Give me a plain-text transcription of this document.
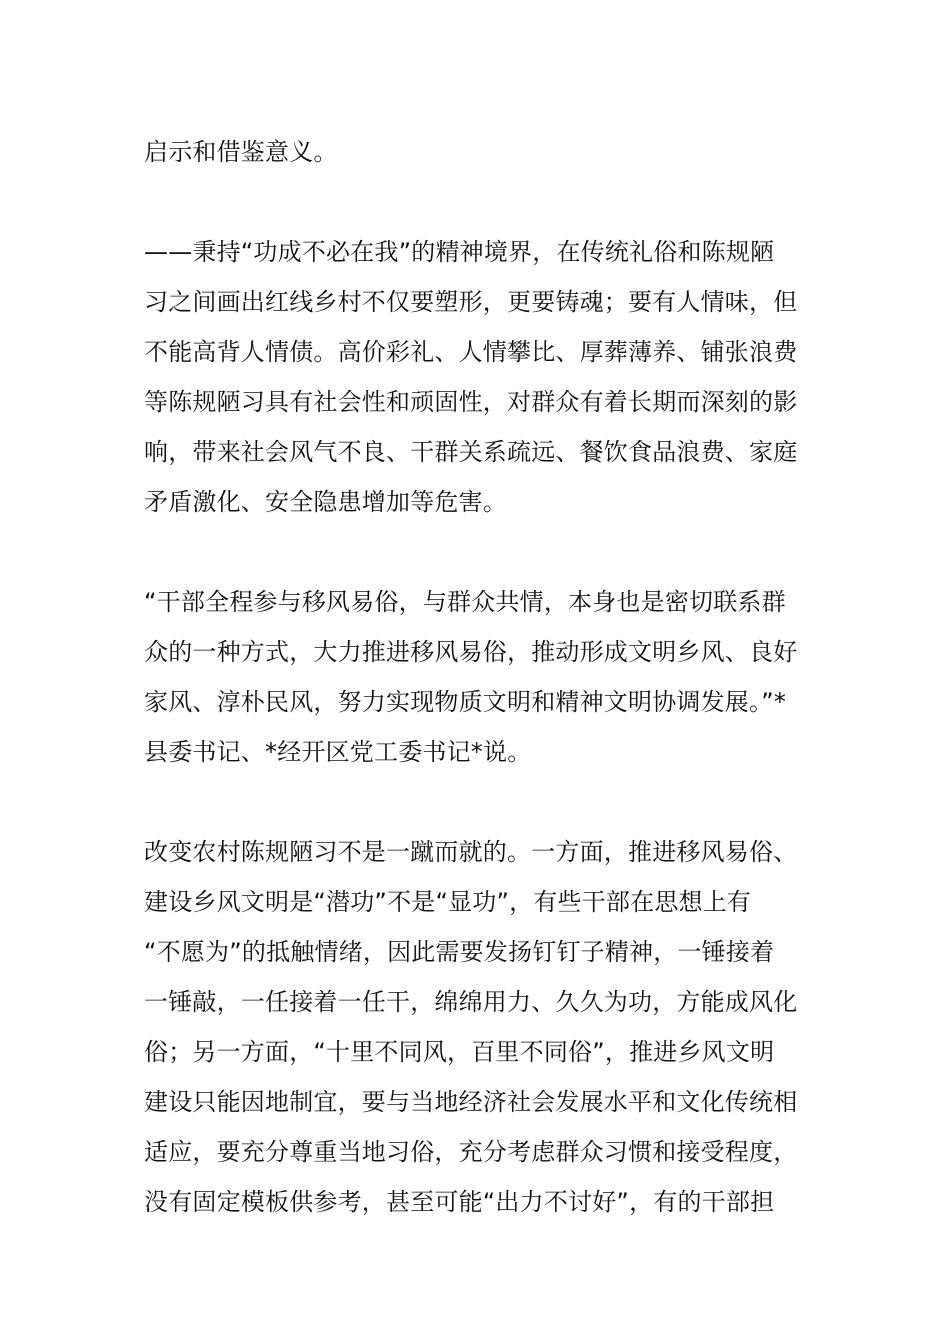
启示和借鉴意义。
——秉持“功成不必在我”的精神境界，在传统礼俗和陈规陋
习之间画出红线乡村不仅要塑形，更要铸魂；要有人情味，但
不能高背人情债。高价彩礼、人情攀比、厚葬薄养、铺张浪费
等陈规陋习具有社会性和顽固性，对群众有着长期而深刻的影
响，带来社会风气不良、干群关系疏远、餐饮食品浪费、家庭
矛盾激化、安全隐患增加等危害。
“干部全程参与移风易俗，与群众共情，本身也是密切联系群
众的一种方式，大力推进移风易俗，推动形成文明乡风、良好
家风、淳朴民风，努力实现物质文明和精神文明协调发展。”*
县委书记、*经开区党工委书记*说。
改变农村陈规陋习不是一蹴而就的。一方面，推进移风易俗、
建设乡风文明是“潜功”不是“显功”，有些干部在思想上有
“不愿为”的抵触情绪，因此需要发扬钉钉子精神，一锤接着
一锤敲，一任接着一任干，绵绵用力、久久为功，方能成风化
俗；另一方面，“十里不同风，百里不同俗”，推进乡风文明
建设只能因地制宜，要与当地经济社会发展水平和文化传统相
适应，要充分尊重当地习俗，充分考虑群众习惯和接受程度，
没有固定模板供参考，甚至可能“出力不讨好”，有的干部担
